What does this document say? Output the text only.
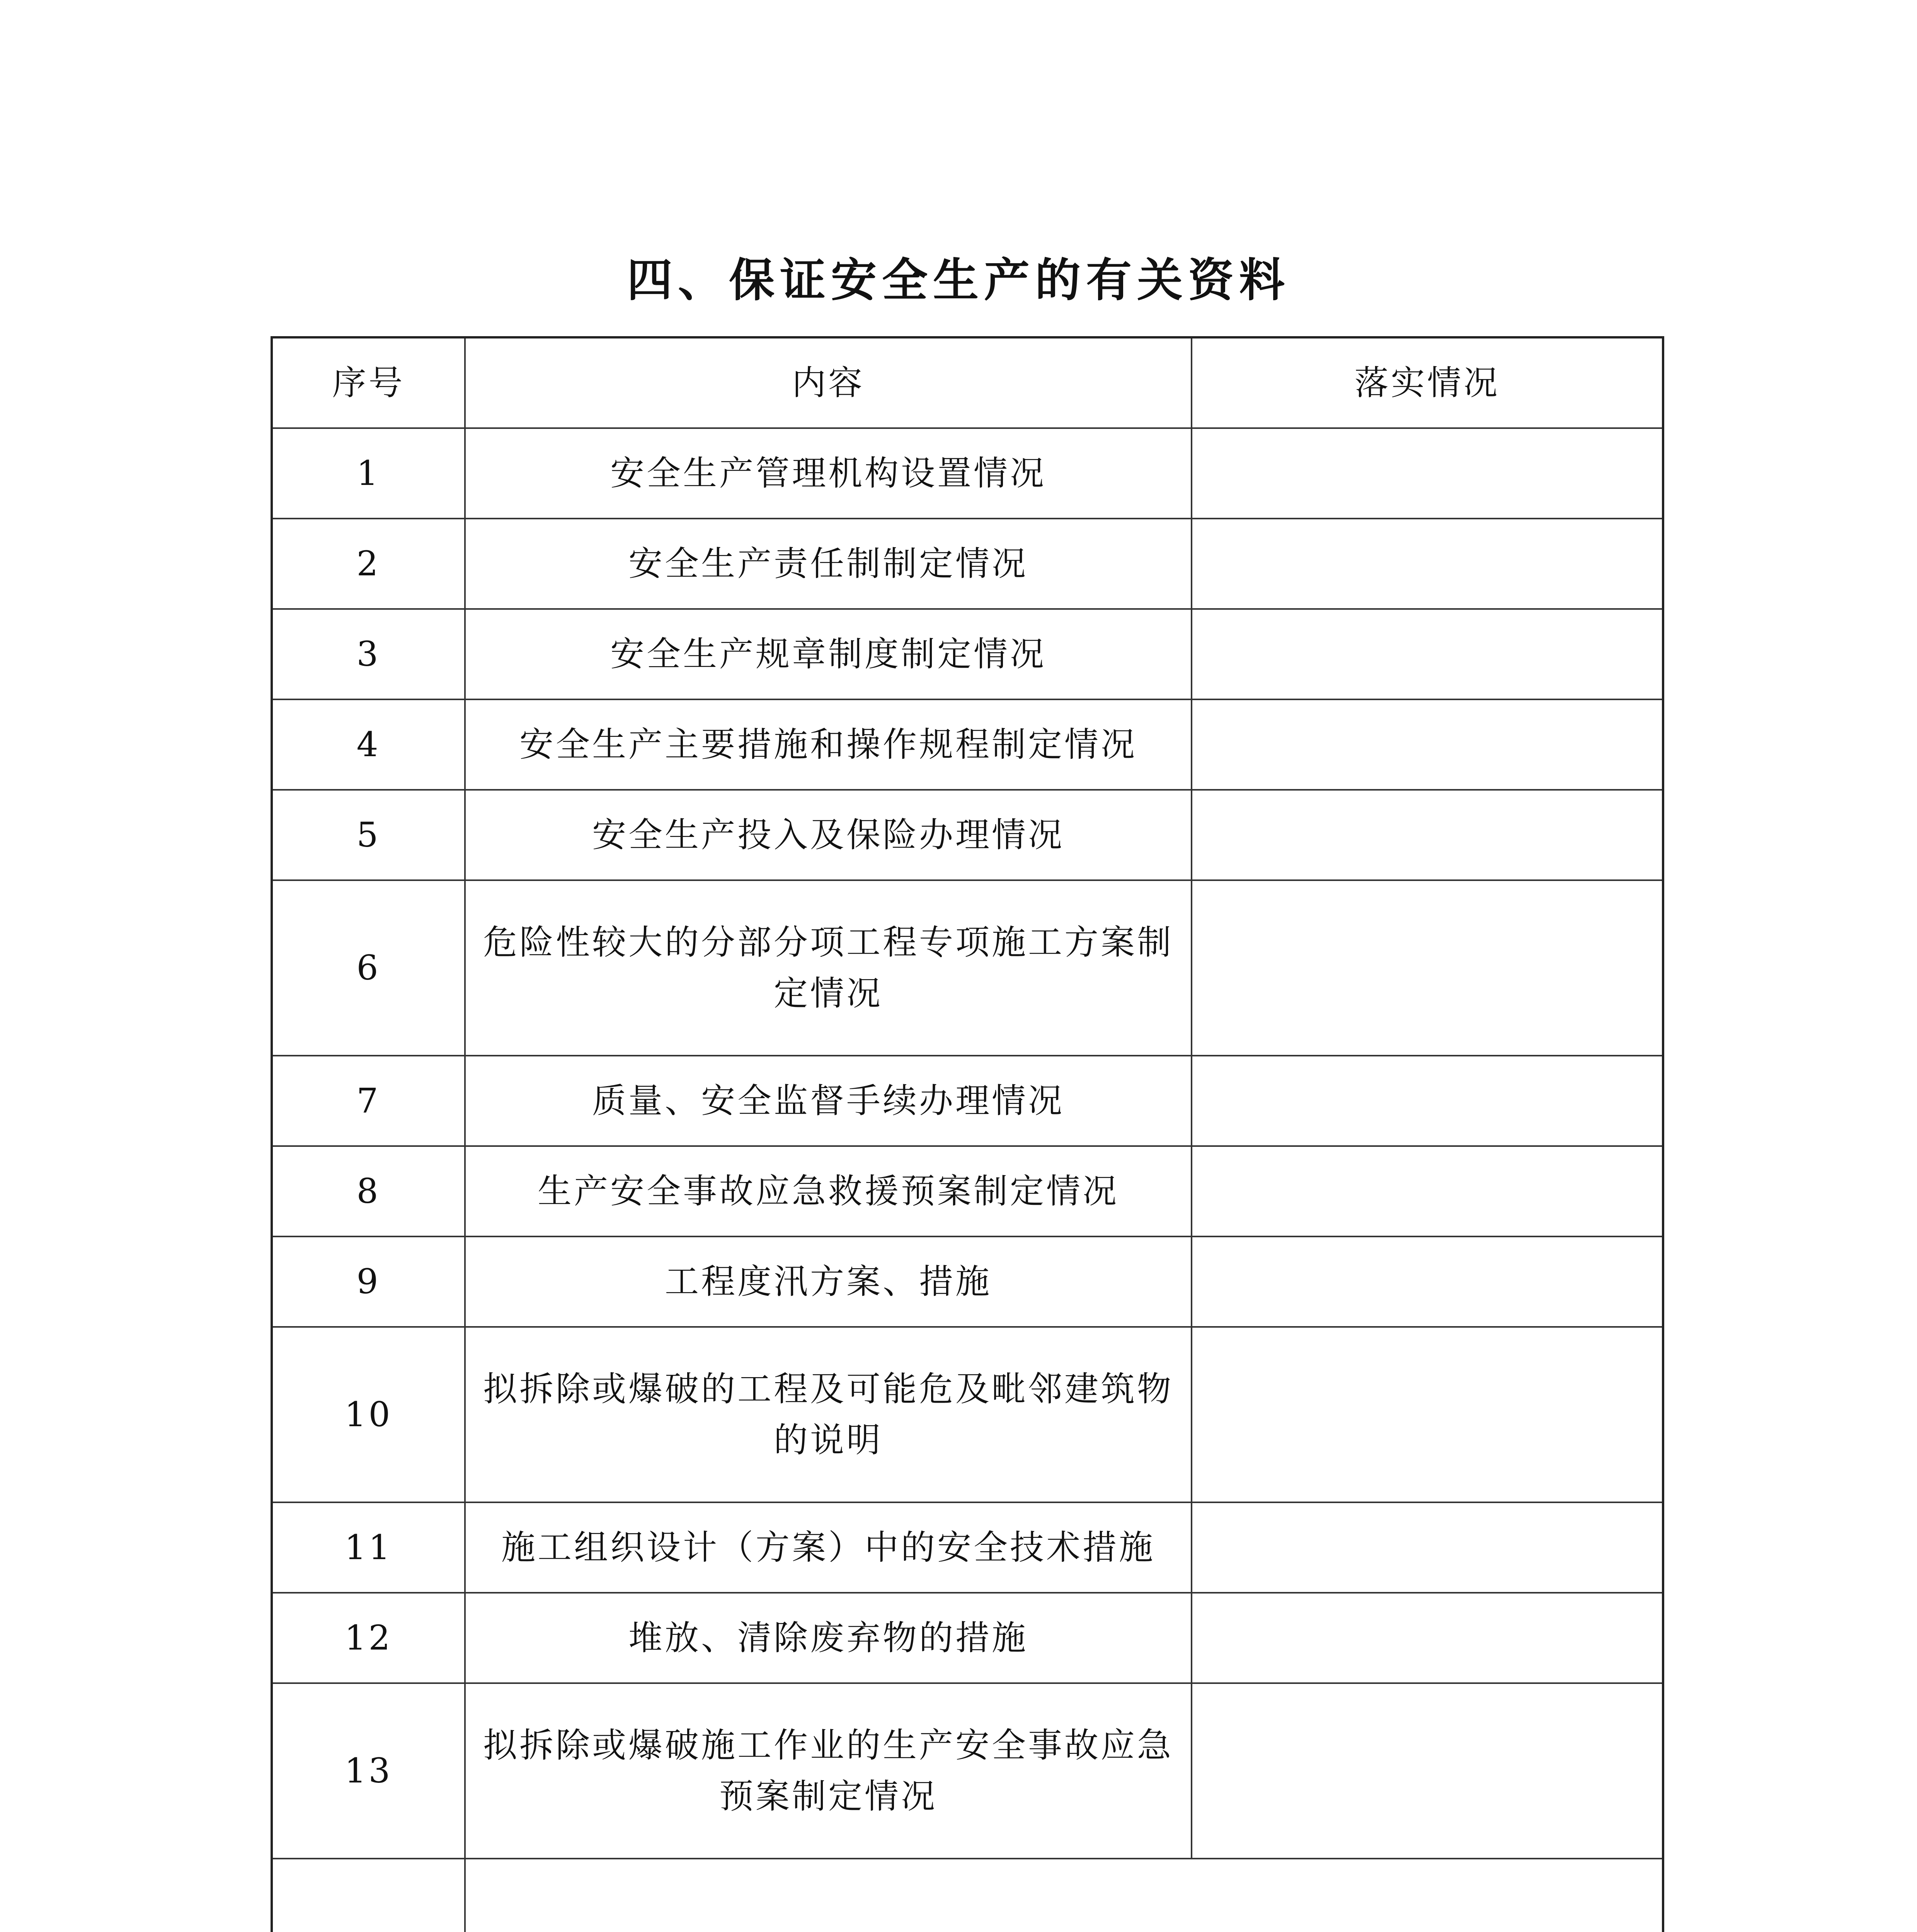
四、保证安全生产的有关资料
序号	内容	落实情况
1	安全生产管理机构设置情况	
2	安全生产责任制制定情况	
3	安全生产规章制度制定情况	
4	安全生产主要措施和操作规程制定情况	
5	安全生产投入及保险办理情况	
6	危险性较大的分部分项工程专项施工方案制定情况	
7	质量、安全监督手续办理情况	
8	生产安全事故应急救援预案制定情况	
9	工程度汛方案、措施	
10	拟拆除或爆破的工程及可能危及毗邻建筑物的说明	
11	施工组织设计（方案）中的安全技术措施	
12	堆放、清除废弃物的措施	
13	拟拆除或爆破施工作业的生产安全事故应急预案制定情况	
